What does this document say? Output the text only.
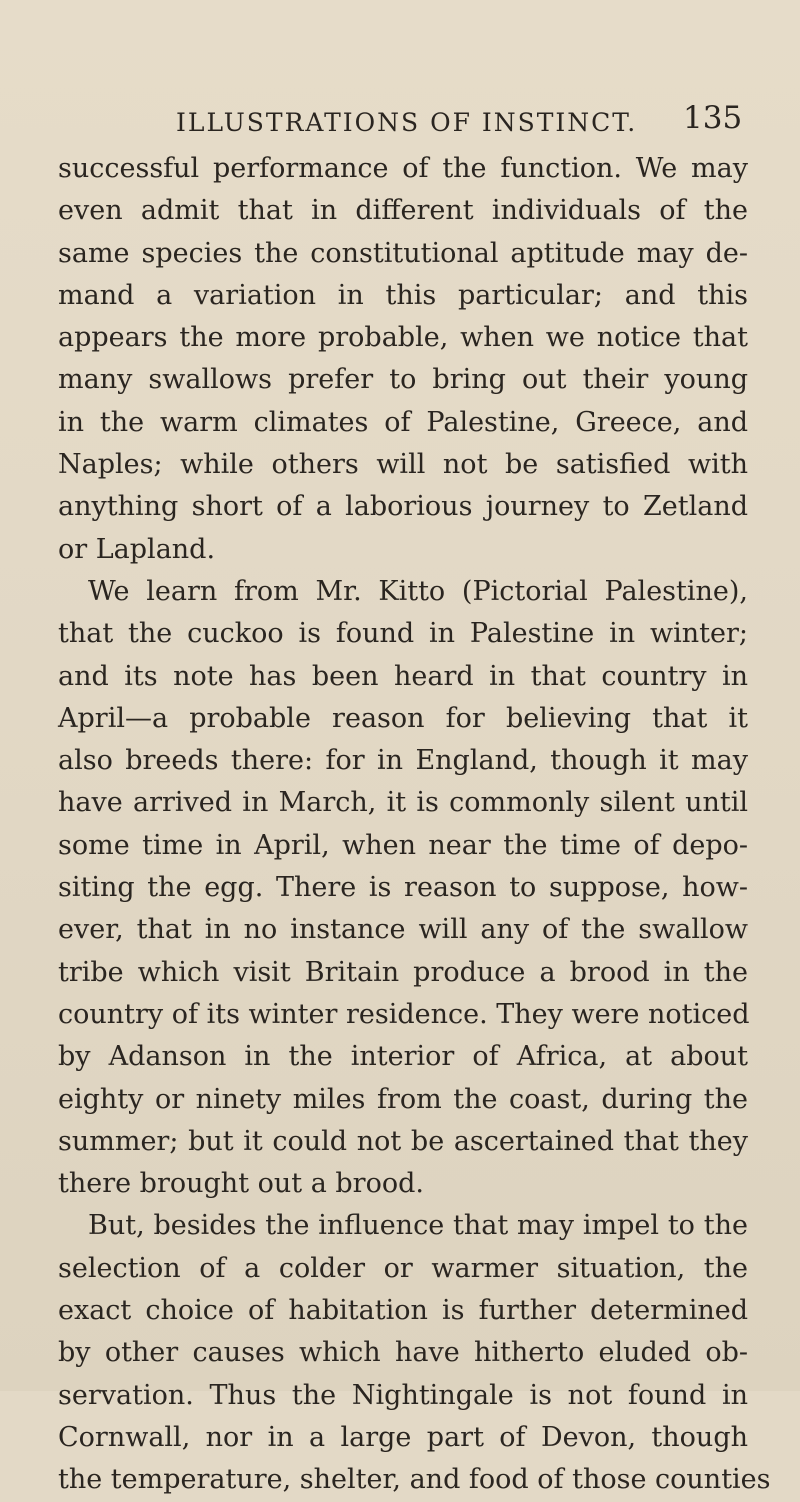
ILLUSTRATIONS OF INSTINCT. 135
successful performance of the function. We may
even admit that in different individuals of the
same species the constitutional aptitude may de-
mand a variation in this particular; and this
appears the more probable, when we notice that
many swallows prefer to bring out their young
in the warm climates of Palestine, Greece, and
Naples; while others will not be satisfied with
anything short of a laborious journey to Zetland
or Lapland.
We learn from Mr. Kitto (Pictorial Palestine),
that the cuckoo is found in Palestine in winter;
and its note has been heard in that country in
April—a probable reason for believing that it
also breeds there: for in England, though it may
have arrived in March, it is commonly silent until
some time in April, when near the time of depo-
siting the egg. There is reason to suppose, how-
ever, that in no instance will any of the swallow
tribe which visit Britain produce a brood in the
country of its winter residence. They were noticed
by Adanson in the interior of Africa, at about
eighty or ninety miles from the coast, during the
summer; but it could not be ascertained that they
there brought out a brood.
But, besides the influence that may impel to the
selection of a colder or warmer situation, the
exact choice of habitation is further determined
by other causes which have hitherto eluded ob-
servation. Thus the Nightingale is not found in
Cornwall, nor in a large part of Devon, though
the temperature, shelter, and food of those counties
